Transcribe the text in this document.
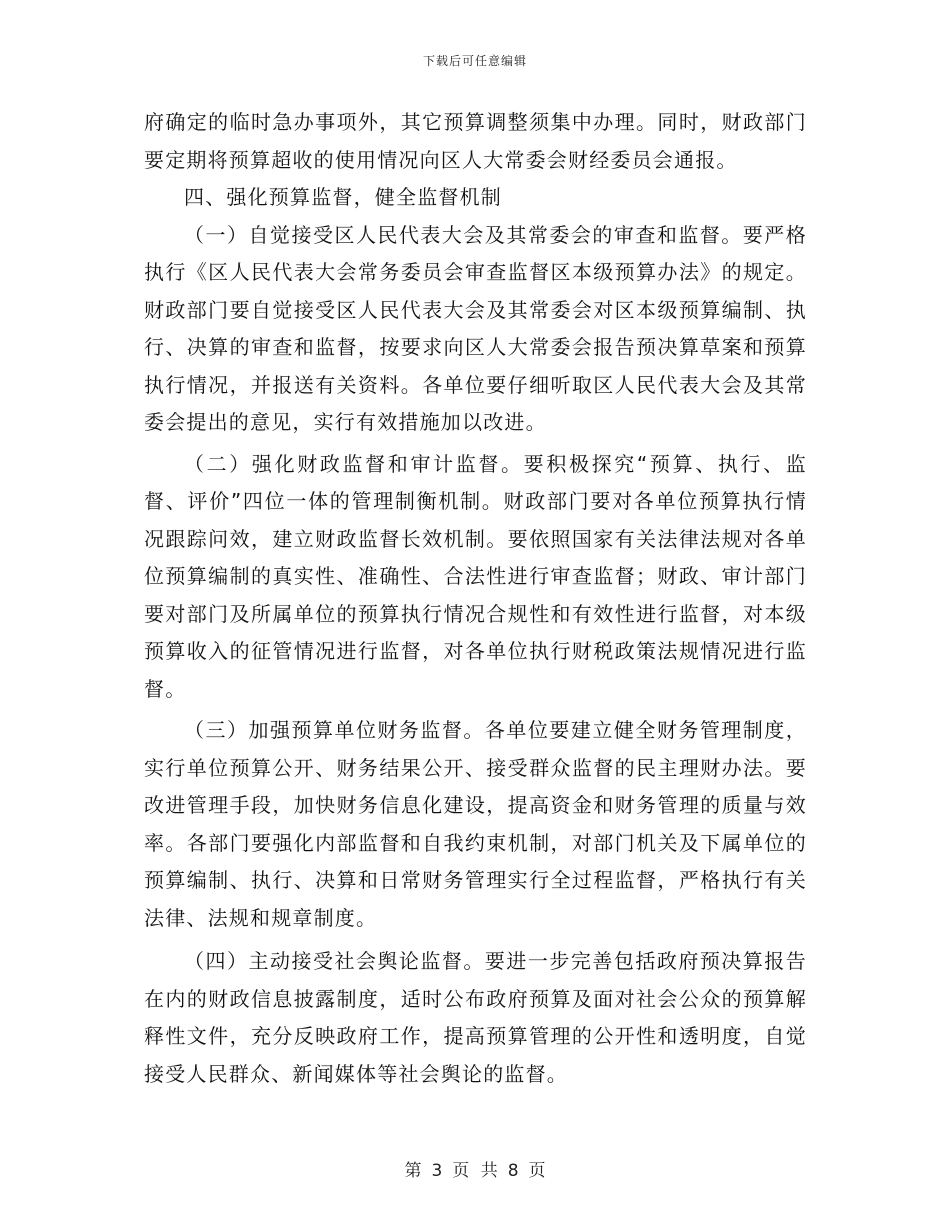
下载后可任意编辑

府确定的临时急办事项外，其它预算调整须集中办理。同时，财政部门要定期将预算超收的使用情况向区人大常委会财经委员会通报。

四、强化预算监督，健全监督机制

（一）自觉接受区人民代表大会及其常委会的审查和监督。要严格执行《区人民代表大会常务委员会审查监督区本级预算办法》的规定。财政部门要自觉接受区人民代表大会及其常委会对区本级预算编制、执行、决算的审查和监督，按要求向区人大常委会报告预决算草案和预算执行情况，并报送有关资料。各单位要仔细听取区人民代表大会及其常委会提出的意见，实行有效措施加以改进。

（二）强化财政监督和审计监督。要积极探究“预算、执行、监督、评价”四位一体的管理制衡机制。财政部门要对各单位预算执行情况跟踪问效，建立财政监督长效机制。要依照国家有关法律法规对各单位预算编制的真实性、准确性、合法性进行审查监督；财政、审计部门要对部门及所属单位的预算执行情况合规性和有效性进行监督，对本级预算收入的征管情况进行监督，对各单位执行财税政策法规情况进行监督。

（三）加强预算单位财务监督。各单位要建立健全财务管理制度，实行单位预算公开、财务结果公开、接受群众监督的民主理财办法。要改进管理手段，加快财务信息化建设，提高资金和财务管理的质量与效率。各部门要强化内部监督和自我约束机制，对部门机关及下属单位的预算编制、执行、决算和日常财务管理实行全过程监督，严格执行有关法律、法规和规章制度。

（四）主动接受社会舆论监督。要进一步完善包括政府预决算报告在内的财政信息披露制度，适时公布政府预算及面对社会公众的预算解释性文件，充分反映政府工作，提高预算管理的公开性和透明度，自觉接受人民群众、新闻媒体等社会舆论的监督。

第 3 页 共 8 页
